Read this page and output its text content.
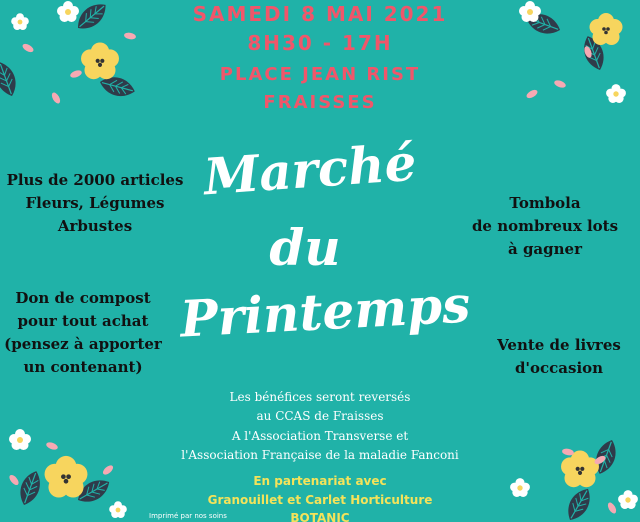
SAMEDI 8 MAI 2021
8H30 - 17H
PLACE JEAN RIST
FRAISSES
Plus de 2000 articles
Fleurs, Légumes
Arbustes
Don de compost
pour tout achat
(pensez à apporter
un contenant)
Tombola
de nombreux lots
à gagner
Vente de livres
d'occasion
Marché
du
Printemps
Les bénéfices seront reversés
au CCAS de Fraisses
A l'Association Transverse et
l'Association Française de la maladie Fanconi
En partenariat avec
Granouillet et Carlet Horticulture
BOTANIC
Imprimé par nos soins
